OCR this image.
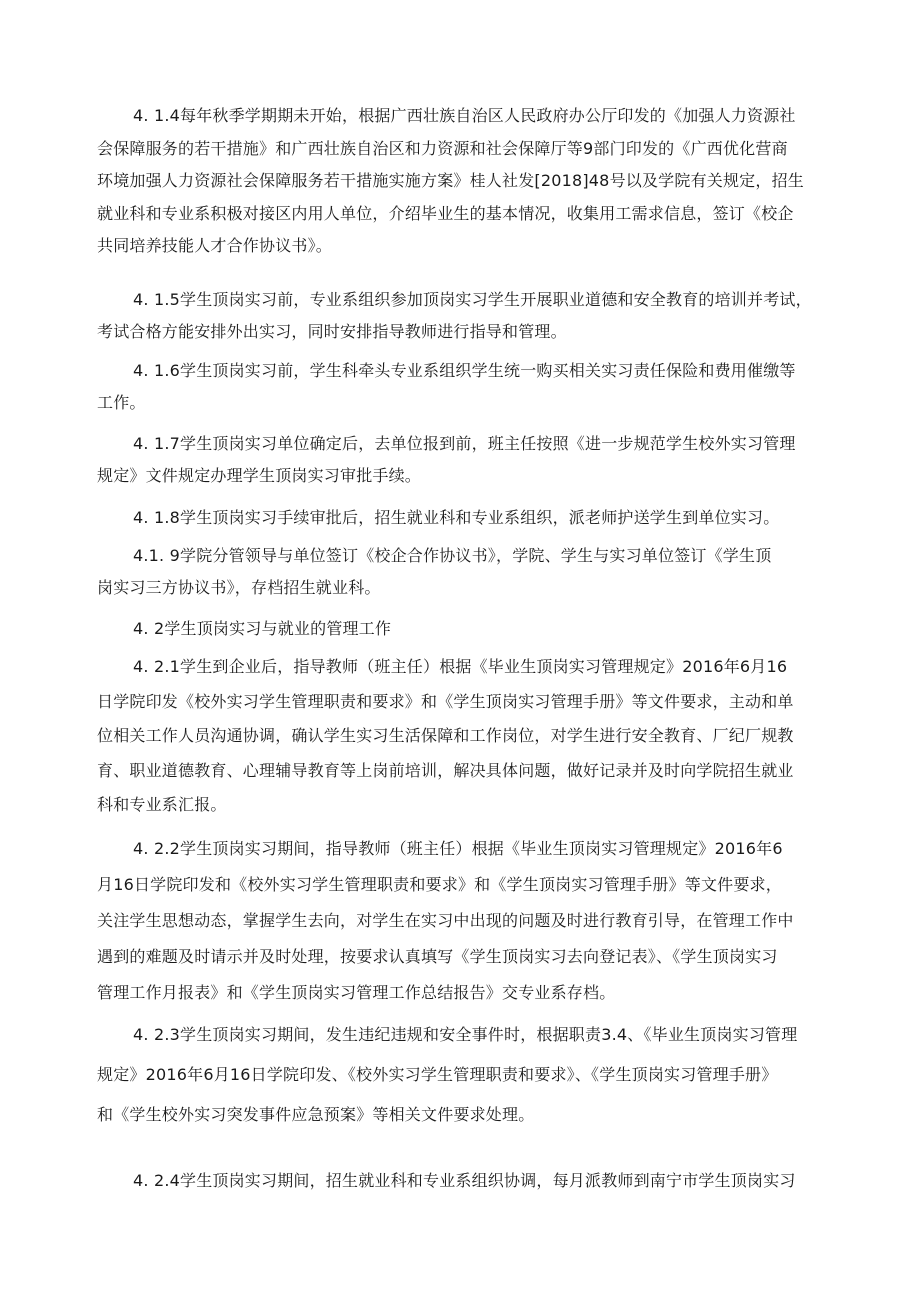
4. 1.4每年秋季学期期未开始，根据广西壮族自治区人民政府办公厅印发的《加强人力资源社
会保障服务的若干措施》和广西壮族自治区和力资源和社会保障厅等9部门印发的《广西优化营商
环境加强人力资源社会保障服务若干措施实施方案》桂人社发[2018]48号以及学院有关规定，招生
就业科和专业系积极对接区内用人单位，介绍毕业生的基本情况，收集用工需求信息，签订《校企
共同培养技能人才合作协议书》。
4. 1.5学生顶岗实习前，专业系组织参加顶岗实习学生开展职业道德和安全教育的培训并考试，
考试合格方能安排外出实习，同时安排指导教师进行指导和管理。
4. 1.6学生顶岗实习前，学生科牵头专业系组织学生统一购买相关实习责任保险和费用催缴等
工作。
4. 1.7学生顶岗实习单位确定后，去单位报到前，班主任按照《进一步规范学生校外实习管理
规定》文件规定办理学生顶岗实习审批手续。
4. 1.8学生顶岗实习手续审批后，招生就业科和专业系组织，派老师护送学生到单位实习。
4.1. 9学院分管领导与单位签订《校企合作协议书》，学院、学生与实习单位签订《学生顶
岗实习三方协议书》，存档招生就业科。
4. 2学生顶岗实习与就业的管理工作
4. 2.1学生到企业后，指导教师（班主任）根据《毕业生顶岗实习管理规定》2016年6月16
日学院印发《校外实习学生管理职责和要求》和《学生顶岗实习管理手册》等文件要求，主动和单
位相关工作人员沟通协调，确认学生实习生活保障和工作岗位，对学生进行安全教育、厂纪厂规教
育、职业道德教育、心理辅导教育等上岗前培训，解决具体问题，做好记录并及时向学院招生就业
科和专业系汇报。
4. 2.2学生顶岗实习期间，指导教师（班主任）根据《毕业生顶岗实习管理规定》2016年6
月16日学院印发和《校外实习学生管理职责和要求》和《学生顶岗实习管理手册》等文件要求，
关注学生思想动态，掌握学生去向，对学生在实习中出现的问题及时进行教育引导，在管理工作中
遇到的难题及时请示并及时处理，按要求认真填写《学生顶岗实习去向登记表》、《学生顶岗实习
管理工作月报表》和《学生顶岗实习管理工作总结报告》交专业系存档。
4. 2.3学生顶岗实习期间，发生违纪违规和安全事件时，根据职责3.4、《毕业生顶岗实习管理
规定》2016年6月16日学院印发、《校外实习学生管理职责和要求》、《学生顶岗实习管理手册》
和《学生校外实习突发事件应急预案》等相关文件要求处理。
4. 2.4学生顶岗实习期间，招生就业科和专业系组织协调，每月派教师到南宁市学生顶岗实习
